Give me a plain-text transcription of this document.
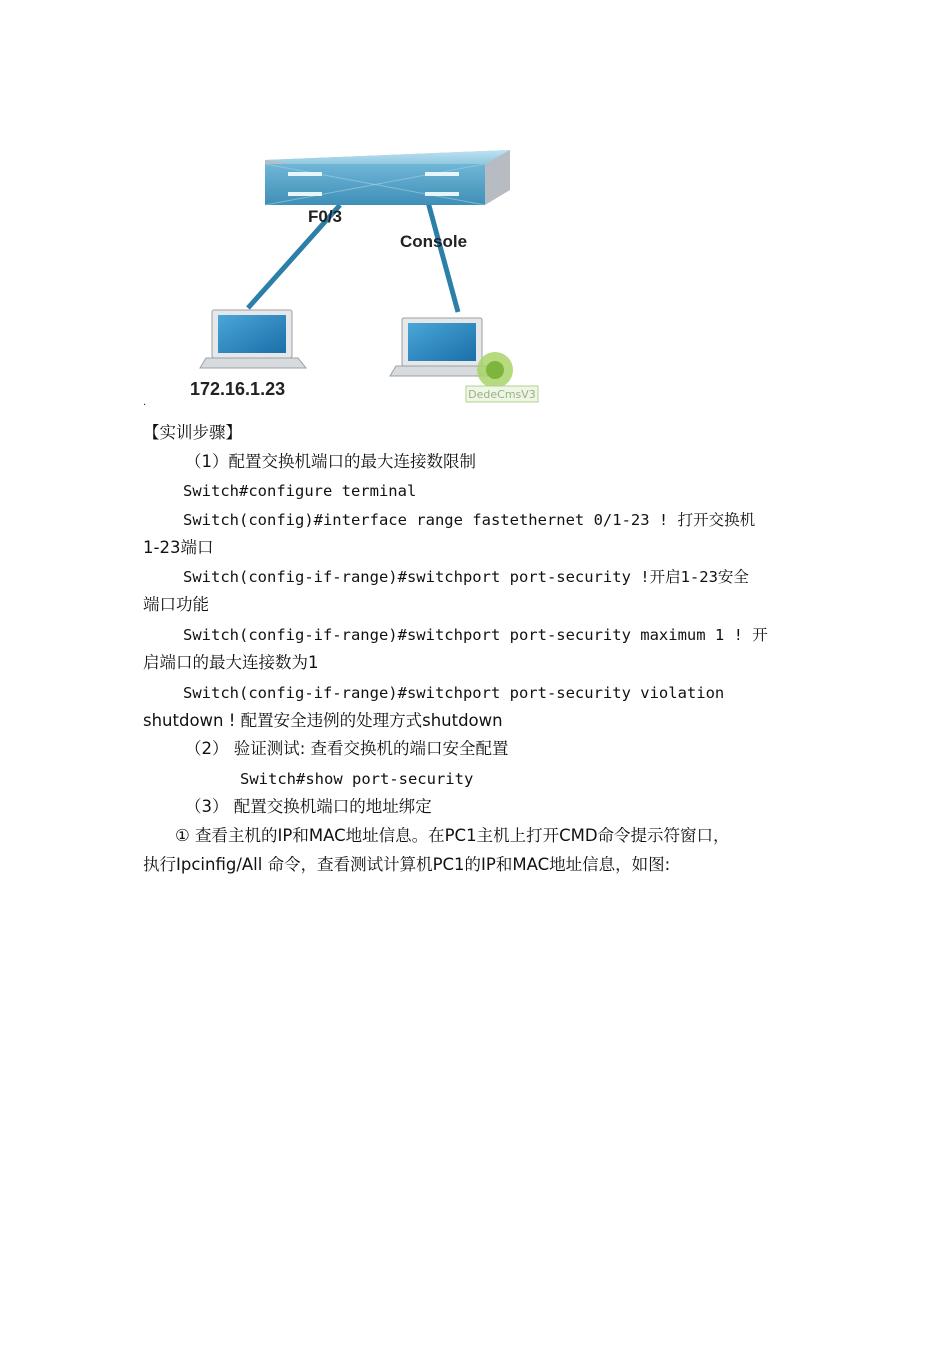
DedeCmsV3
F0/3
Console
172.16.1.23
·
【实训步骤】
（1）配置交换机端口的最大连接数限制
Switch#configure terminal
Switch(config)#interface range fastethernet 0/1-23 ! 打开交换机
1-23端口
Switch(config-if-range)#switchport port-security !开启1-23安全
端口功能
Switch(config-if-range)#switchport port-security maximum 1 ! 开
启端口的最大连接数为1
Switch(config-if-range)#switchport port-security violation
shutdown ! 配置安全违例的处理方式shutdown
（2） 验证测试: 查看交换机的端口安全配置
Switch#show port-security
（3） 配置交换机端口的地址绑定
① 查看主机的IP和MAC地址信息。在PC1主机上打开CMD命令提示符窗口，
执行Ipcinfig/All 命令，查看测试计算机PC1的IP和MAC地址信息，如图:
